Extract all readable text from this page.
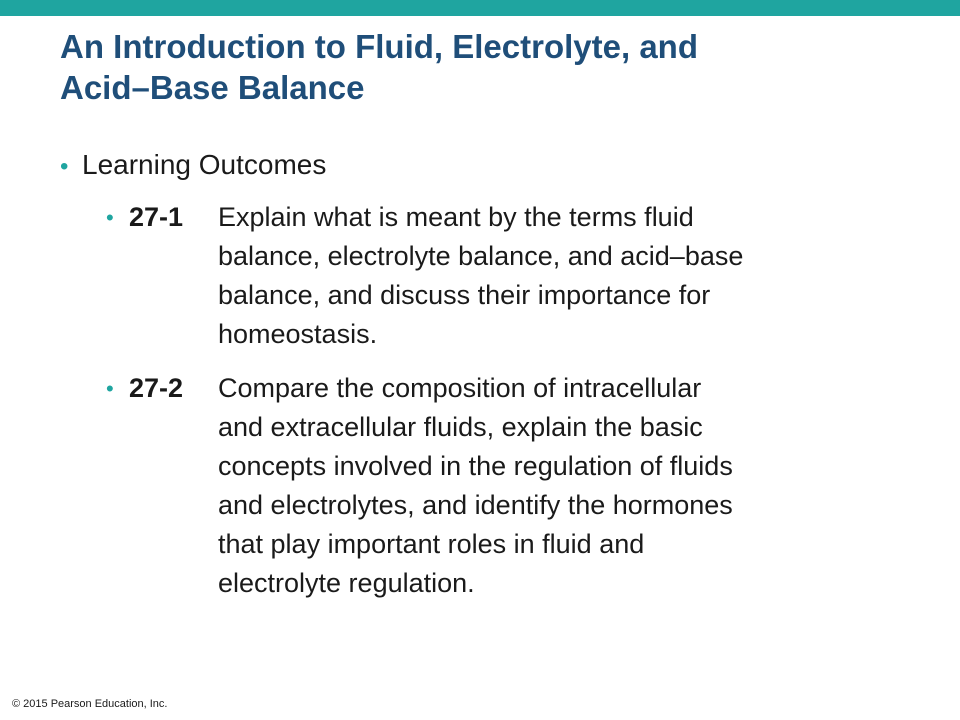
An Introduction to Fluid, Electrolyte, and
Acid–Base Balance
• Learning Outcomes
• 27-1 Explain what is meant by the terms fluid
balance, electrolyte balance, and acid–base
balance, and discuss their importance for
homeostasis.
• 27-2 Compare the composition of intracellular
and extracellular fluids, explain the basic
concepts involved in the regulation of fluids
and electrolytes, and identify the hormones
that play important roles in fluid and
electrolyte regulation.
© 2015 Pearson Education, Inc.
